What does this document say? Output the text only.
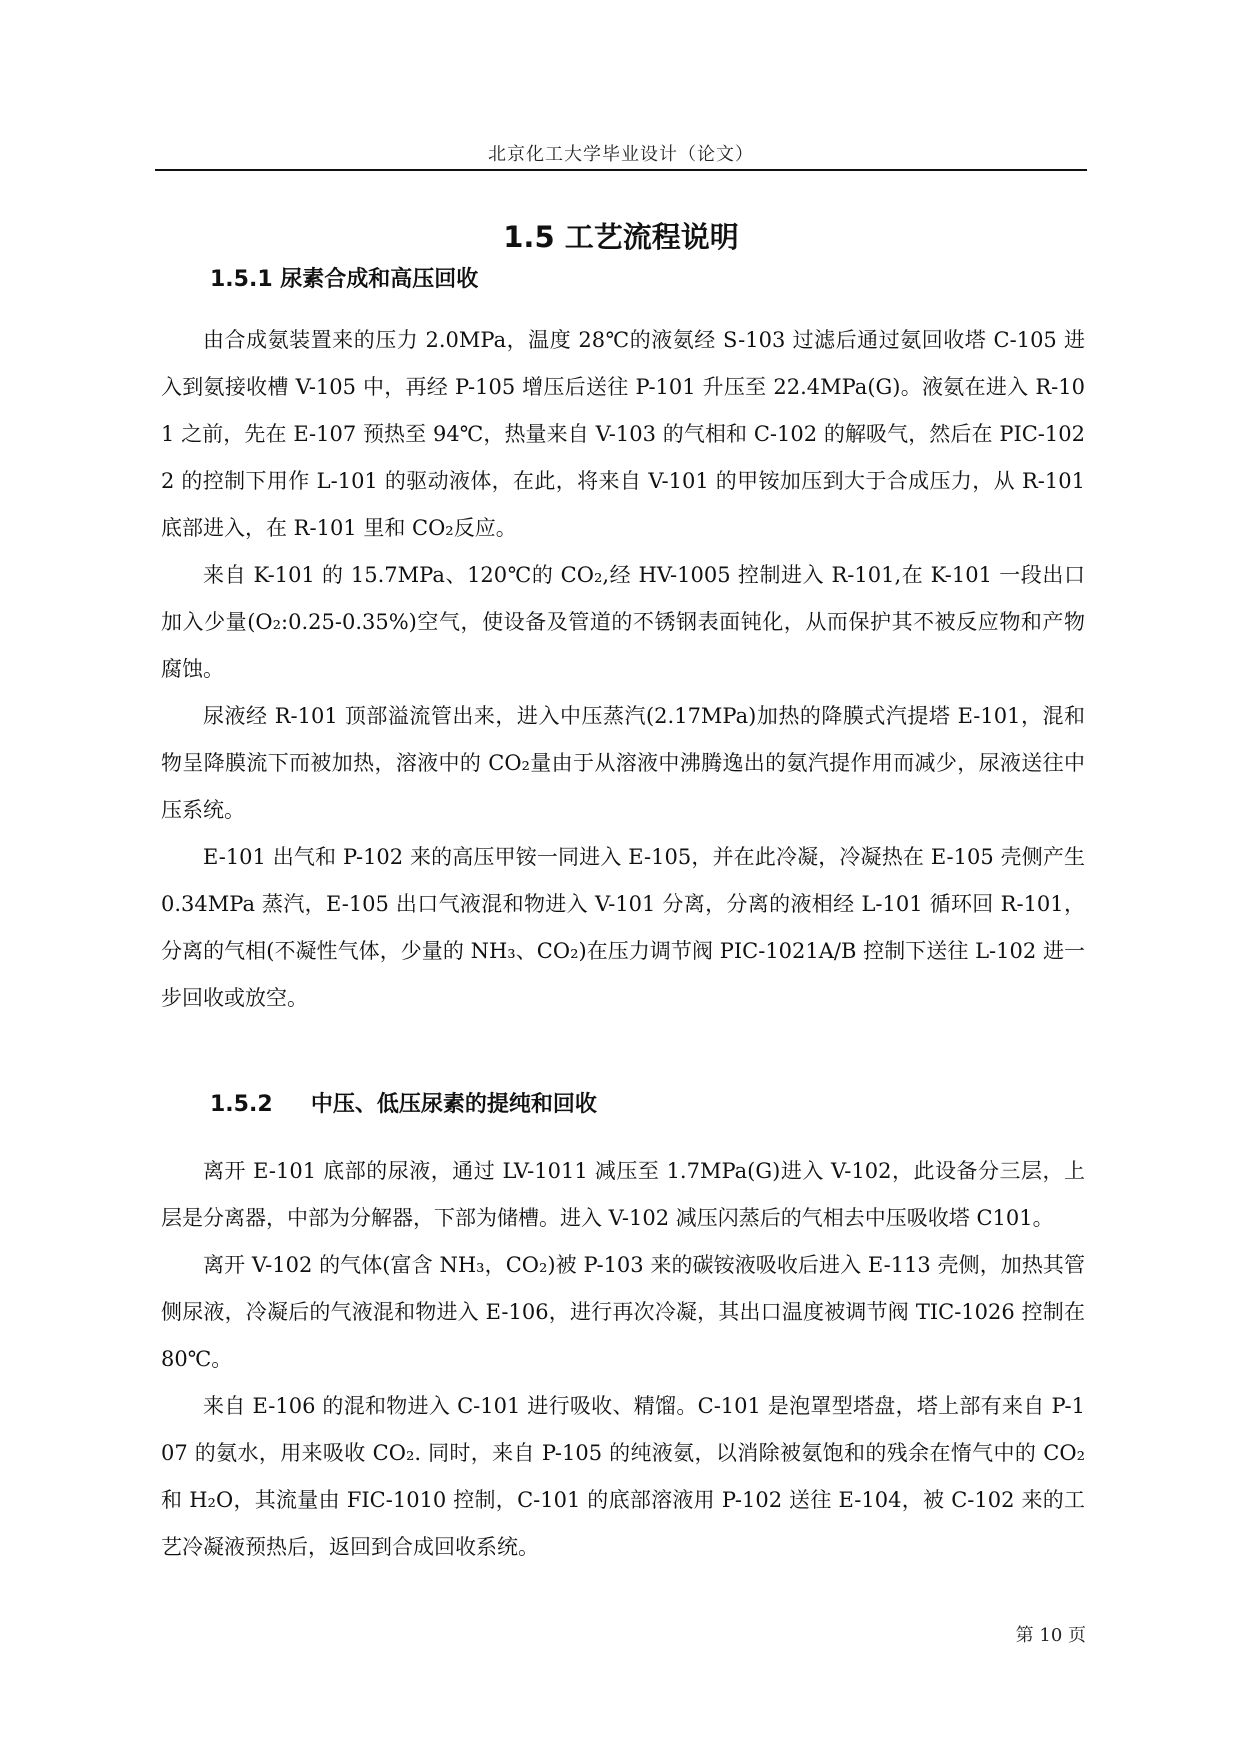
北京化工大学毕业设计（论文）
1.5 工艺流程说明
1.5.1 尿素合成和高压回收

由合成氨装置来的压力 2.0MPa，温度 28℃的液氨经 S-103 过滤后通过氨回收塔 C-105 进入到氨接收槽 V-105 中，再经 P-105 增压后送往 P-101 升压至 22.4MPa(G)。液氨在进入 R-101 之前，先在 E-107 预热至 94℃，热量来自 V-103 的气相和 C-102 的解吸气，然后在 PIC-1022 的控制下用作 L-101 的驱动液体，在此，将来自 V-101 的甲铵加压到大于合成压力，从 R-101 底部进入，在 R-101 里和 CO₂反应。

来自 K-101 的 15.7MPa、120℃的 CO₂,经 HV-1005 控制进入 R-101,在 K-101 一段出口加入少量(O₂:0.25-0.35%)空气，使设备及管道的不锈钢表面钝化，从而保护其不被反应物和产物腐蚀。

尿液经 R-101 顶部溢流管出来，进入中压蒸汽(2.17MPa)加热的降膜式汽提塔 E-101，混和物呈降膜流下而被加热，溶液中的 CO₂量由于从溶液中沸腾逸出的氨汽提作用而减少，尿液送往中压系统。

E-101 出气和 P-102 来的高压甲铵一同进入 E-105，并在此冷凝，冷凝热在 E-105 壳侧产生 0.34MPa 蒸汽，E-105 出口气液混和物进入 V-101 分离，分离的液相经 L-101 循环回 R-101，分离的气相(不凝性气体，少量的 NH₃、CO₂)在压力调节阀 PIC-1021A/B 控制下送往 L-102 进一步回收或放空。

1.5.2     中压、低压尿素的提纯和回收

离开 E-101 底部的尿液，通过 LV-1011 减压至 1.7MPa(G)进入 V-102，此设备分三层，上层是分离器，中部为分解器，下部为储槽。进入 V-102 减压闪蒸后的气相去中压吸收塔 C101。

离开 V-102 的气体(富含 NH₃，CO₂)被 P-103 来的碳铵液吸收后进入 E-113 壳侧，加热其管侧尿液，冷凝后的气液混和物进入 E-106，进行再次冷凝，其出口温度被调节阀 TIC-1026 控制在 80℃。

来自 E-106 的混和物进入 C-101 进行吸收、精馏。C-101 是泡罩型塔盘，塔上部有来自 P-107 的氨水，用来吸收 CO₂. 同时，来自 P-105 的纯液氨，以消除被氨饱和的残余在惰气中的 CO₂和 H₂O，其流量由 FIC-1010 控制，C-101 的底部溶液用 P-102 送往 E-104，被 C-102 来的工艺冷凝液预热后，返回到合成回收系统。

第 10 页
